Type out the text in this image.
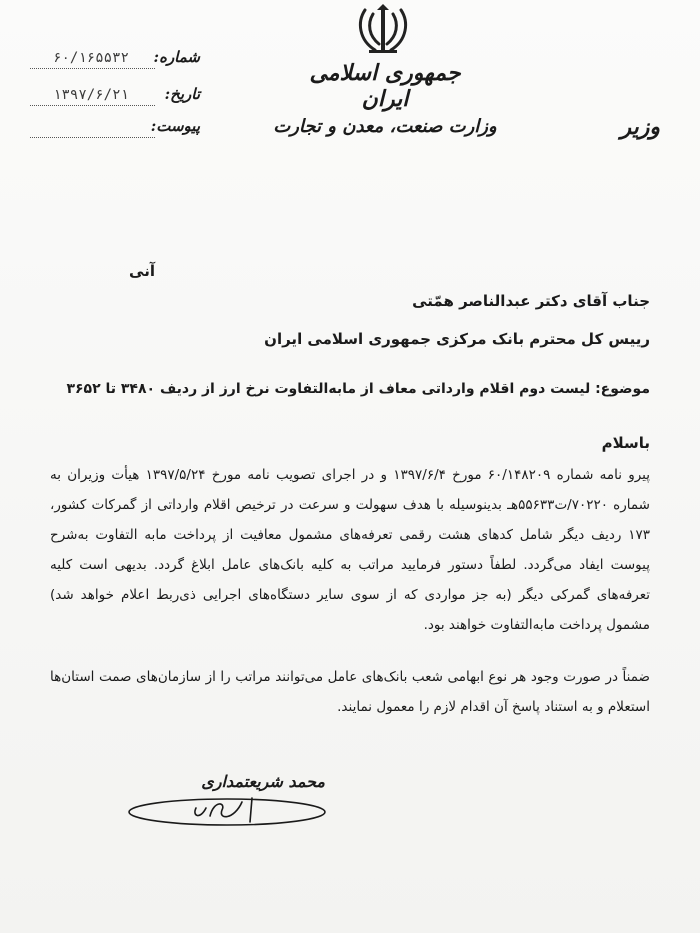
جمهوری اسلامی ایران
وزارت صنعت، معدن و تجارت	وزیر
شماره:
۶۰/۱۶۵۵۳۲
تاریخ:
۱۳۹۷/۶/۲۱
پیوست:
آنی
جناب آقای دکتر عبدالناصر همّتی
رییس کل محترم بانک مرکزی جمهوری اسلامی ایران
موضوع: لیست دوم اقلام وارداتی معاف از مابه‌التفاوت نرخ ارز از ردیف ۳۴۸۰ تا ۳۶۵۲
باسلام
پیرو نامه شماره ۶۰/۱۴۸۲۰۹ مورخ ۱۳۹۷/۶/۴ و در اجرای تصویب نامه مورخ ۱۳۹۷/۵/۲۴ هیأت وزیران به شماره ۷۰۲۲۰/ت۵۵۶۳۳هـ بدینوسیله با هدف سهولت و سرعت در ترخیص اقلام وارداتی از گمرکات کشور، ۱۷۳ ردیف دیگر شامل کدهای هشت رقمی تعرفه‌های مشمول معافیت از پرداخت مابه التفاوت به‌شرح پیوست ایفاد می‌گردد. لطفاً دستور فرمایید مراتب به کلیه بانک‌های عامل ابلاغ گردد. بدیهی است کلیه تعرفه‌های گمرکی دیگر (به جز مواردی که از سوی سایر دستگاه‌های اجرایی ذی‌ربط اعلام خواهد شد) مشمول پرداخت مابه‌التفاوت خواهند بود.
ضمناً در صورت وجود هر نوع ابهامی شعب بانک‌های عامل می‌توانند مراتب را از سازمان‌های صمت استان‌ها استعلام و به استناد پاسخ آن اقدام لازم را معمول نمایند.
محمد شریعتمداری
